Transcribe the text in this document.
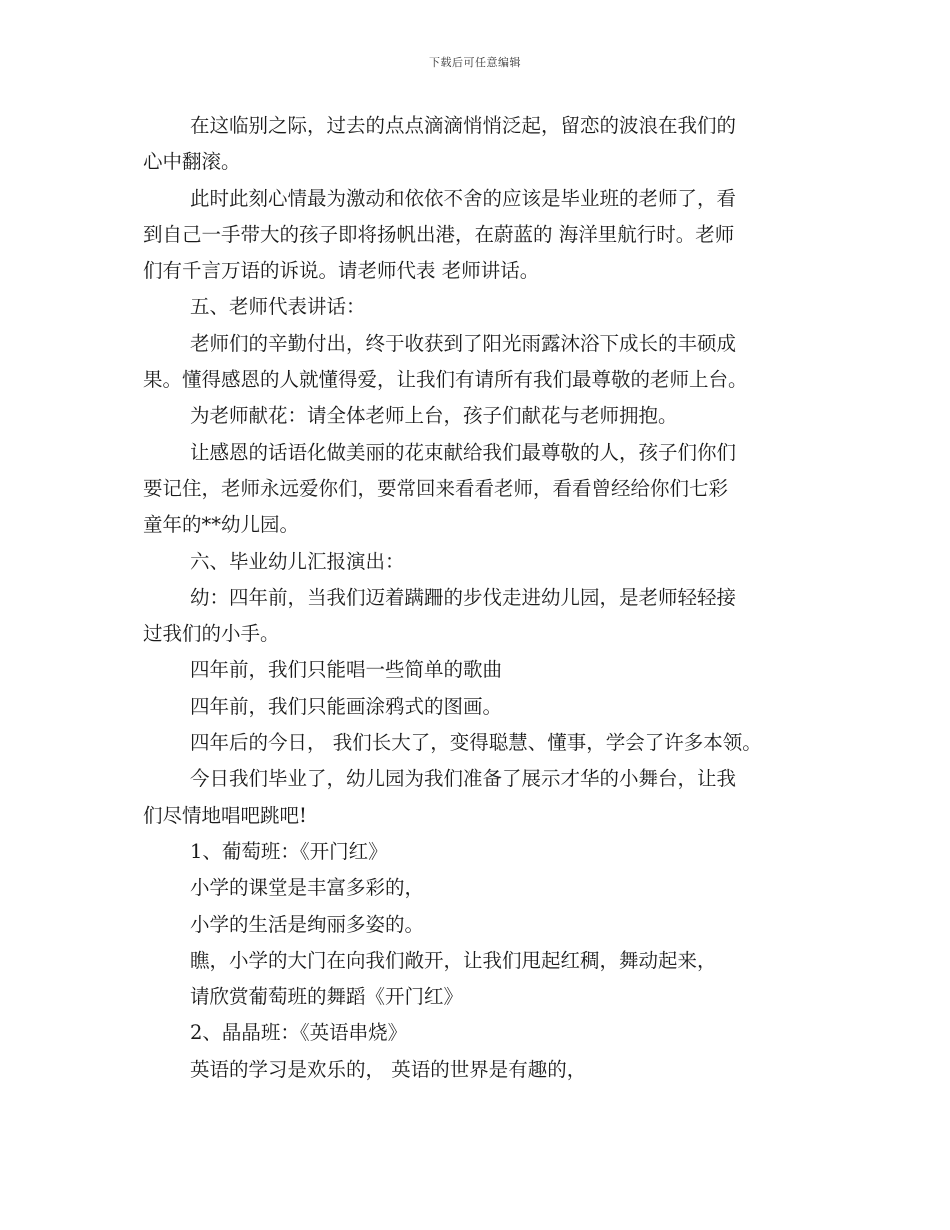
下载后可任意编辑
在这临别之际，过去的点点滴滴悄悄泛起，留恋的波浪在我们的
心中翻滚。
此时此刻心情最为激动和依依不舍的应该是毕业班的老师了，看
到自己一手带大的孩子即将扬帆出港，在蔚蓝的 海洋里航行时。老师
们有千言万语的诉说。请老师代表 老师讲话。
五、老师代表讲话：
老师们的辛勤付出，终于收获到了阳光雨露沐浴下成长的丰硕成
果。懂得感恩的人就懂得爱，让我们有请所有我们最尊敬的老师上台。
为老师献花：请全体老师上台，孩子们献花与老师拥抱。
让感恩的话语化做美丽的花束献给我们最尊敬的人，孩子们你们
要记住，老师永远爱你们，要常回来看看老师，看看曾经给你们七彩
童年的**幼儿园。
六、毕业幼儿汇报演出：
幼：四年前，当我们迈着蹒跚的步伐走进幼儿园，是老师轻轻接
过我们的小手。
四年前，我们只能唱一些简单的歌曲
四年前，我们只能画涂鸦式的图画。
四年后的今日， 我们长大了，变得聪慧、懂事，学会了许多本领。
今日我们毕业了，幼儿园为我们准备了展示才华的小舞台，让我
们尽情地唱吧跳吧!
1、葡萄班：《开门红》
小学的课堂是丰富多彩的，
小学的生活是绚丽多姿的。
瞧，小学的大门在向我们敞开，让我们甩起红稠，舞动起来，
请欣赏葡萄班的舞蹈《开门红》
2、晶晶班：《英语串烧》
英语的学习是欢乐的， 英语的世界是有趣的，
